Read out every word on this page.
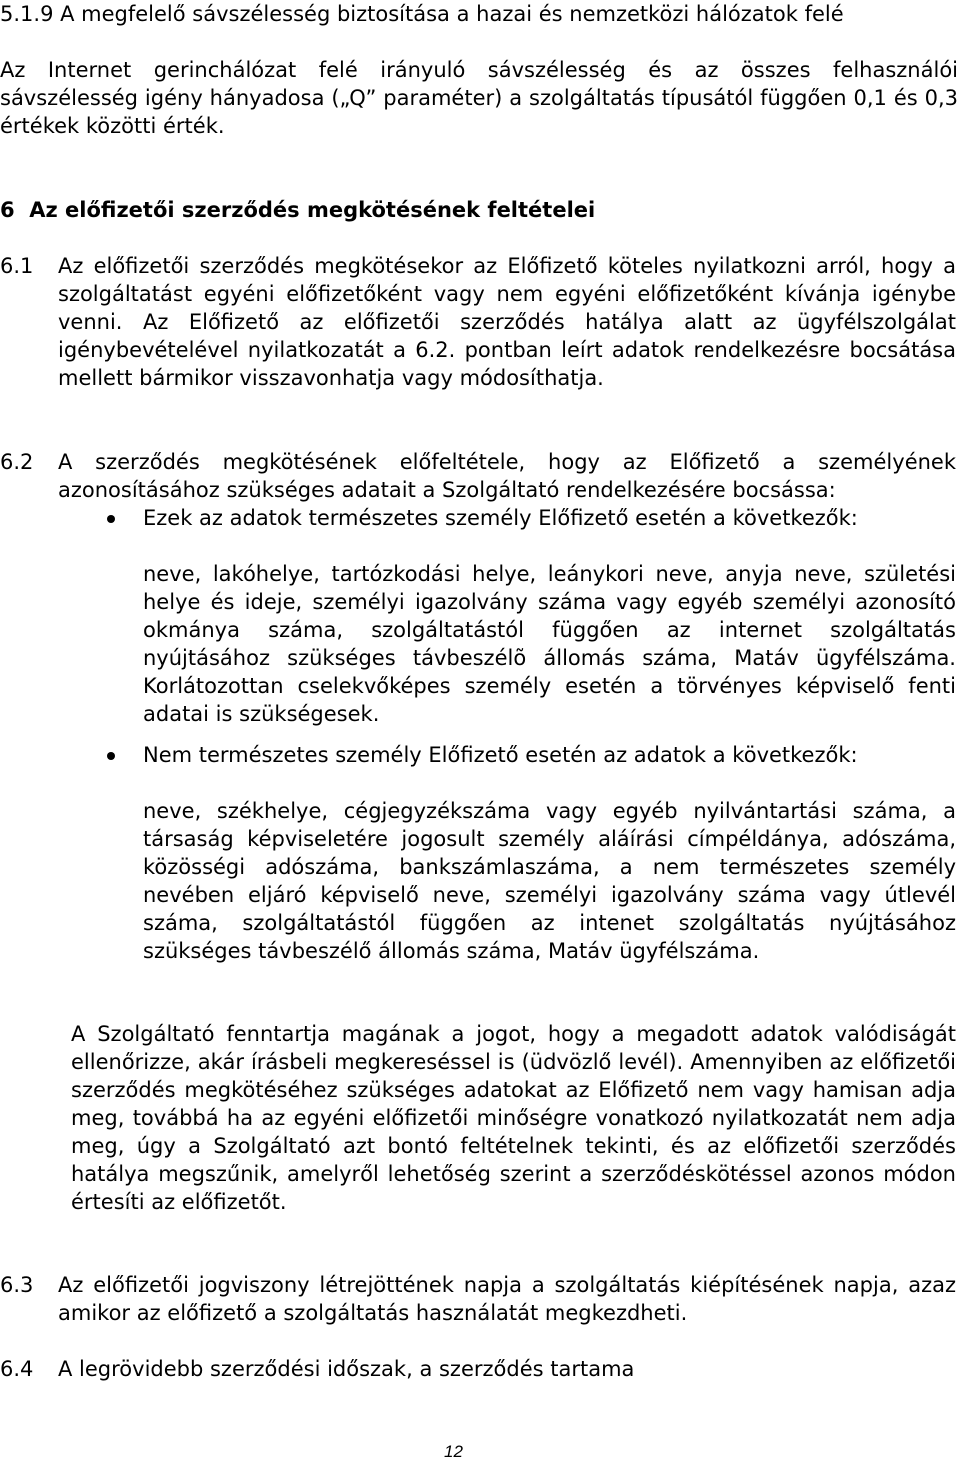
5.1.9 A megfelelő sávszélesség biztosítása a hazai és nemzetközi hálózatok felé

Az Internet gerinchálózat felé irányuló sávszélesség és az összes felhasználói sávszélesség igény hányadosa („Q” paraméter) a szolgáltatás típusától függően 0,1 és 0,3 értékek közötti érték.

6  Az előfizetői szerződés megkötésének feltételei

6.1 Az előfizetői szerződés megkötésekor az Előfizető köteles nyilatkozni arról, hogy a szolgáltatást egyéni előfizetőként vagy nem egyéni előfizetőként kívánja igénybe venni. Az Előfizető az előfizetői szerződés hatálya alatt az ügyfélszolgálat igénybevételével nyilatkozatát a 6.2. pontban leírt adatok rendelkezésre bocsátása mellett bármikor visszavonhatja vagy módosíthatja.

6.2 A szerződés megkötésének előfeltétele, hogy az Előfizető a személyének azonosításához szükséges adatait a Szolgáltató rendelkezésére bocsássa:

Ezek az adatok természetes személy Előfizető esetén a következők:

neve, lakóhelye, tartózkodási helye, leánykori neve, anyja neve, születési helye és ideje, személyi igazolvány száma vagy egyéb személyi azonosító okmánya száma, szolgáltatástól függően az internet szolgáltatás nyújtásához szükséges távbeszélõ állomás száma, Matáv ügyfélszáma. Korlátozottan cselekvőképes személy esetén a törvényes képviselő fenti adatai is szükségesek.

Nem természetes személy Előfizető esetén az adatok a következők:

neve, székhelye, cégjegyzékszáma vagy egyéb nyilvántartási száma, a társaság képviseletére jogosult személy aláírási címpéldánya, adószáma, közösségi adószáma, bankszámlaszáma, a nem természetes személy nevében eljáró képviselő neve, személyi igazolvány száma vagy útlevél száma, szolgáltatástól függően az intenet szolgáltatás nyújtásához szükséges távbeszélő állomás száma, Matáv ügyfélszáma.

A Szolgáltató fenntartja magának a jogot, hogy a megadott adatok valódiságát ellenőrizze, akár írásbeli megkereséssel is (üdvözlő levél). Amennyiben az előfizetői szerződés megkötéséhez szükséges adatokat az Előfizető nem vagy hamisan adja meg, továbbá ha az egyéni előfizetői minőségre vonatkozó nyilatkozatát nem adja meg, úgy a Szolgáltató azt bontó feltételnek tekinti, és az előfizetői szerződés hatálya megszűnik, amelyről lehetőség szerint a szerződéskötéssel azonos módon értesíti az előfizetőt.

6.3 Az előfizetői jogviszony létrejöttének napja a szolgáltatás kiépítésének napja, azaz amikor az előfizető a szolgáltatás használatát megkezdheti.

6.4 A legrövidebb szerződési időszak, a szerződés tartama

12
